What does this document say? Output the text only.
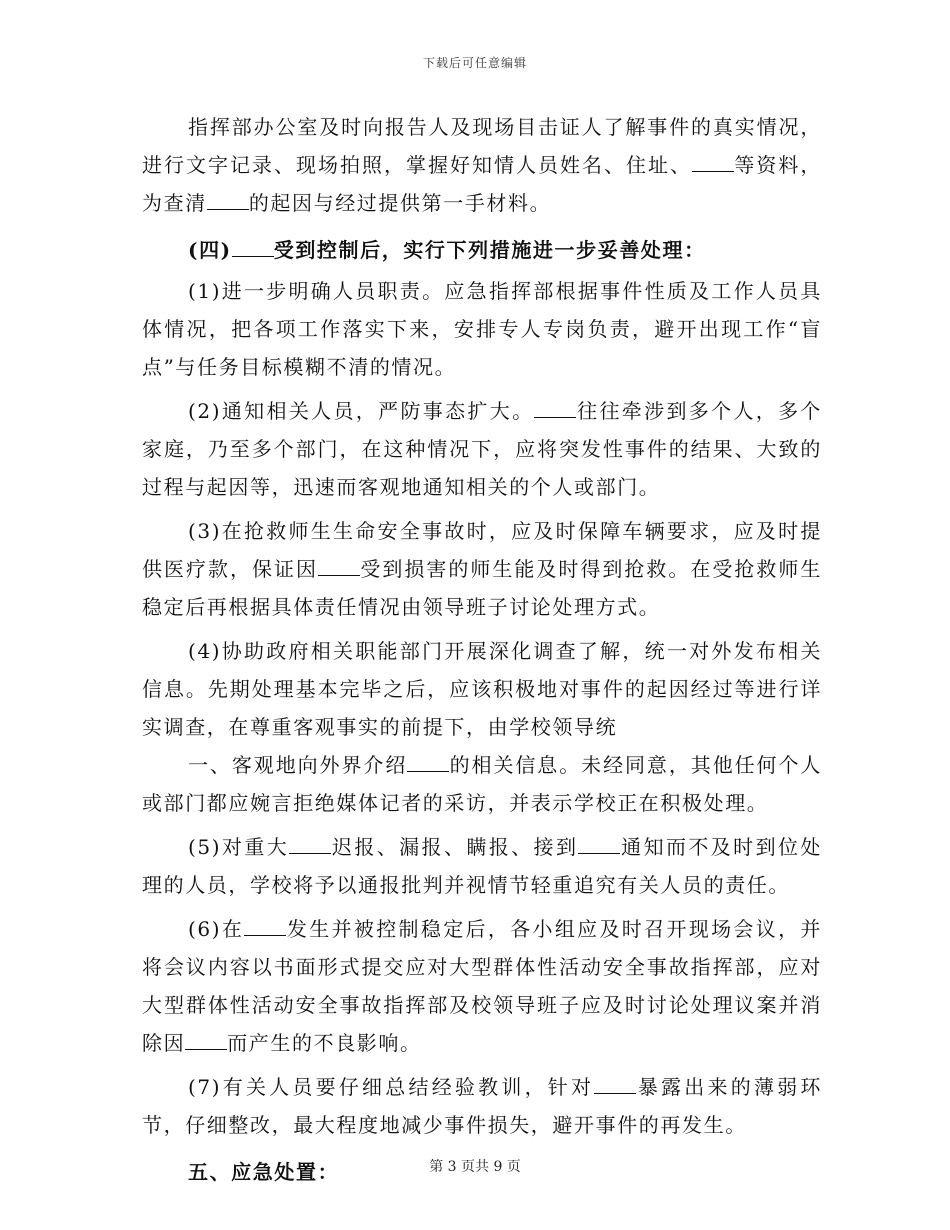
下载后可任意编辑

指挥部办公室及时向报告人及现场目击证人了解事件的真实情况，进行文字记录、现场拍照，掌握好知情人员姓名、住址、 等资料，为查清 的起因与经过提供第一手材料。

(四) 受到控制后，实行下列措施进一步妥善处理：

(1)进一步明确人员职责。应急指挥部根据事件性质及工作人员具体情况，把各项工作落实下来，安排专人专岗负责，避开出现工作“盲点”与任务目标模糊不清的情况。

(2)通知相关人员，严防事态扩大。 往往牵涉到多个人，多个家庭，乃至多个部门，在这种情况下，应将突发性事件的结果、大致的过程与起因等，迅速而客观地通知相关的个人或部门。

(3)在抢救师生生命安全事故时，应及时保障车辆要求，应及时提供医疗款，保证因 受到损害的师生能及时得到抢救。在受抢救师生稳定后再根据具体责任情况由领导班子讨论处理方式。

(4)协助政府相关职能部门开展深化调查了解，统一对外发布相关信息。先期处理基本完毕之后，应该积极地对事件的起因经过等进行详实调查，在尊重客观事实的前提下，由学校领导统

一、客观地向外界介绍 的相关信息。未经同意，其他任何个人或部门都应婉言拒绝媒体记者的采访，并表示学校正在积极处理。

(5)对重大 迟报、漏报、瞒报、接到 通知而不及时到位处理的人员，学校将予以通报批判并视情节轻重追究有关人员的责任。

(6)在 发生并被控制稳定后，各小组应及时召开现场会议，并将会议内容以书面形式提交应对大型群体性活动安全事故指挥部，应对大型群体性活动安全事故指挥部及校领导班子应及时讨论处理议案并消除因 而产生的不良影响。

(7)有关人员要仔细总结经验教训，针对 暴露出来的薄弱环节，仔细整改，最大程度地减少事件损失，避开事件的再发生。

五、应急处置：	第 3 页共 9 页
